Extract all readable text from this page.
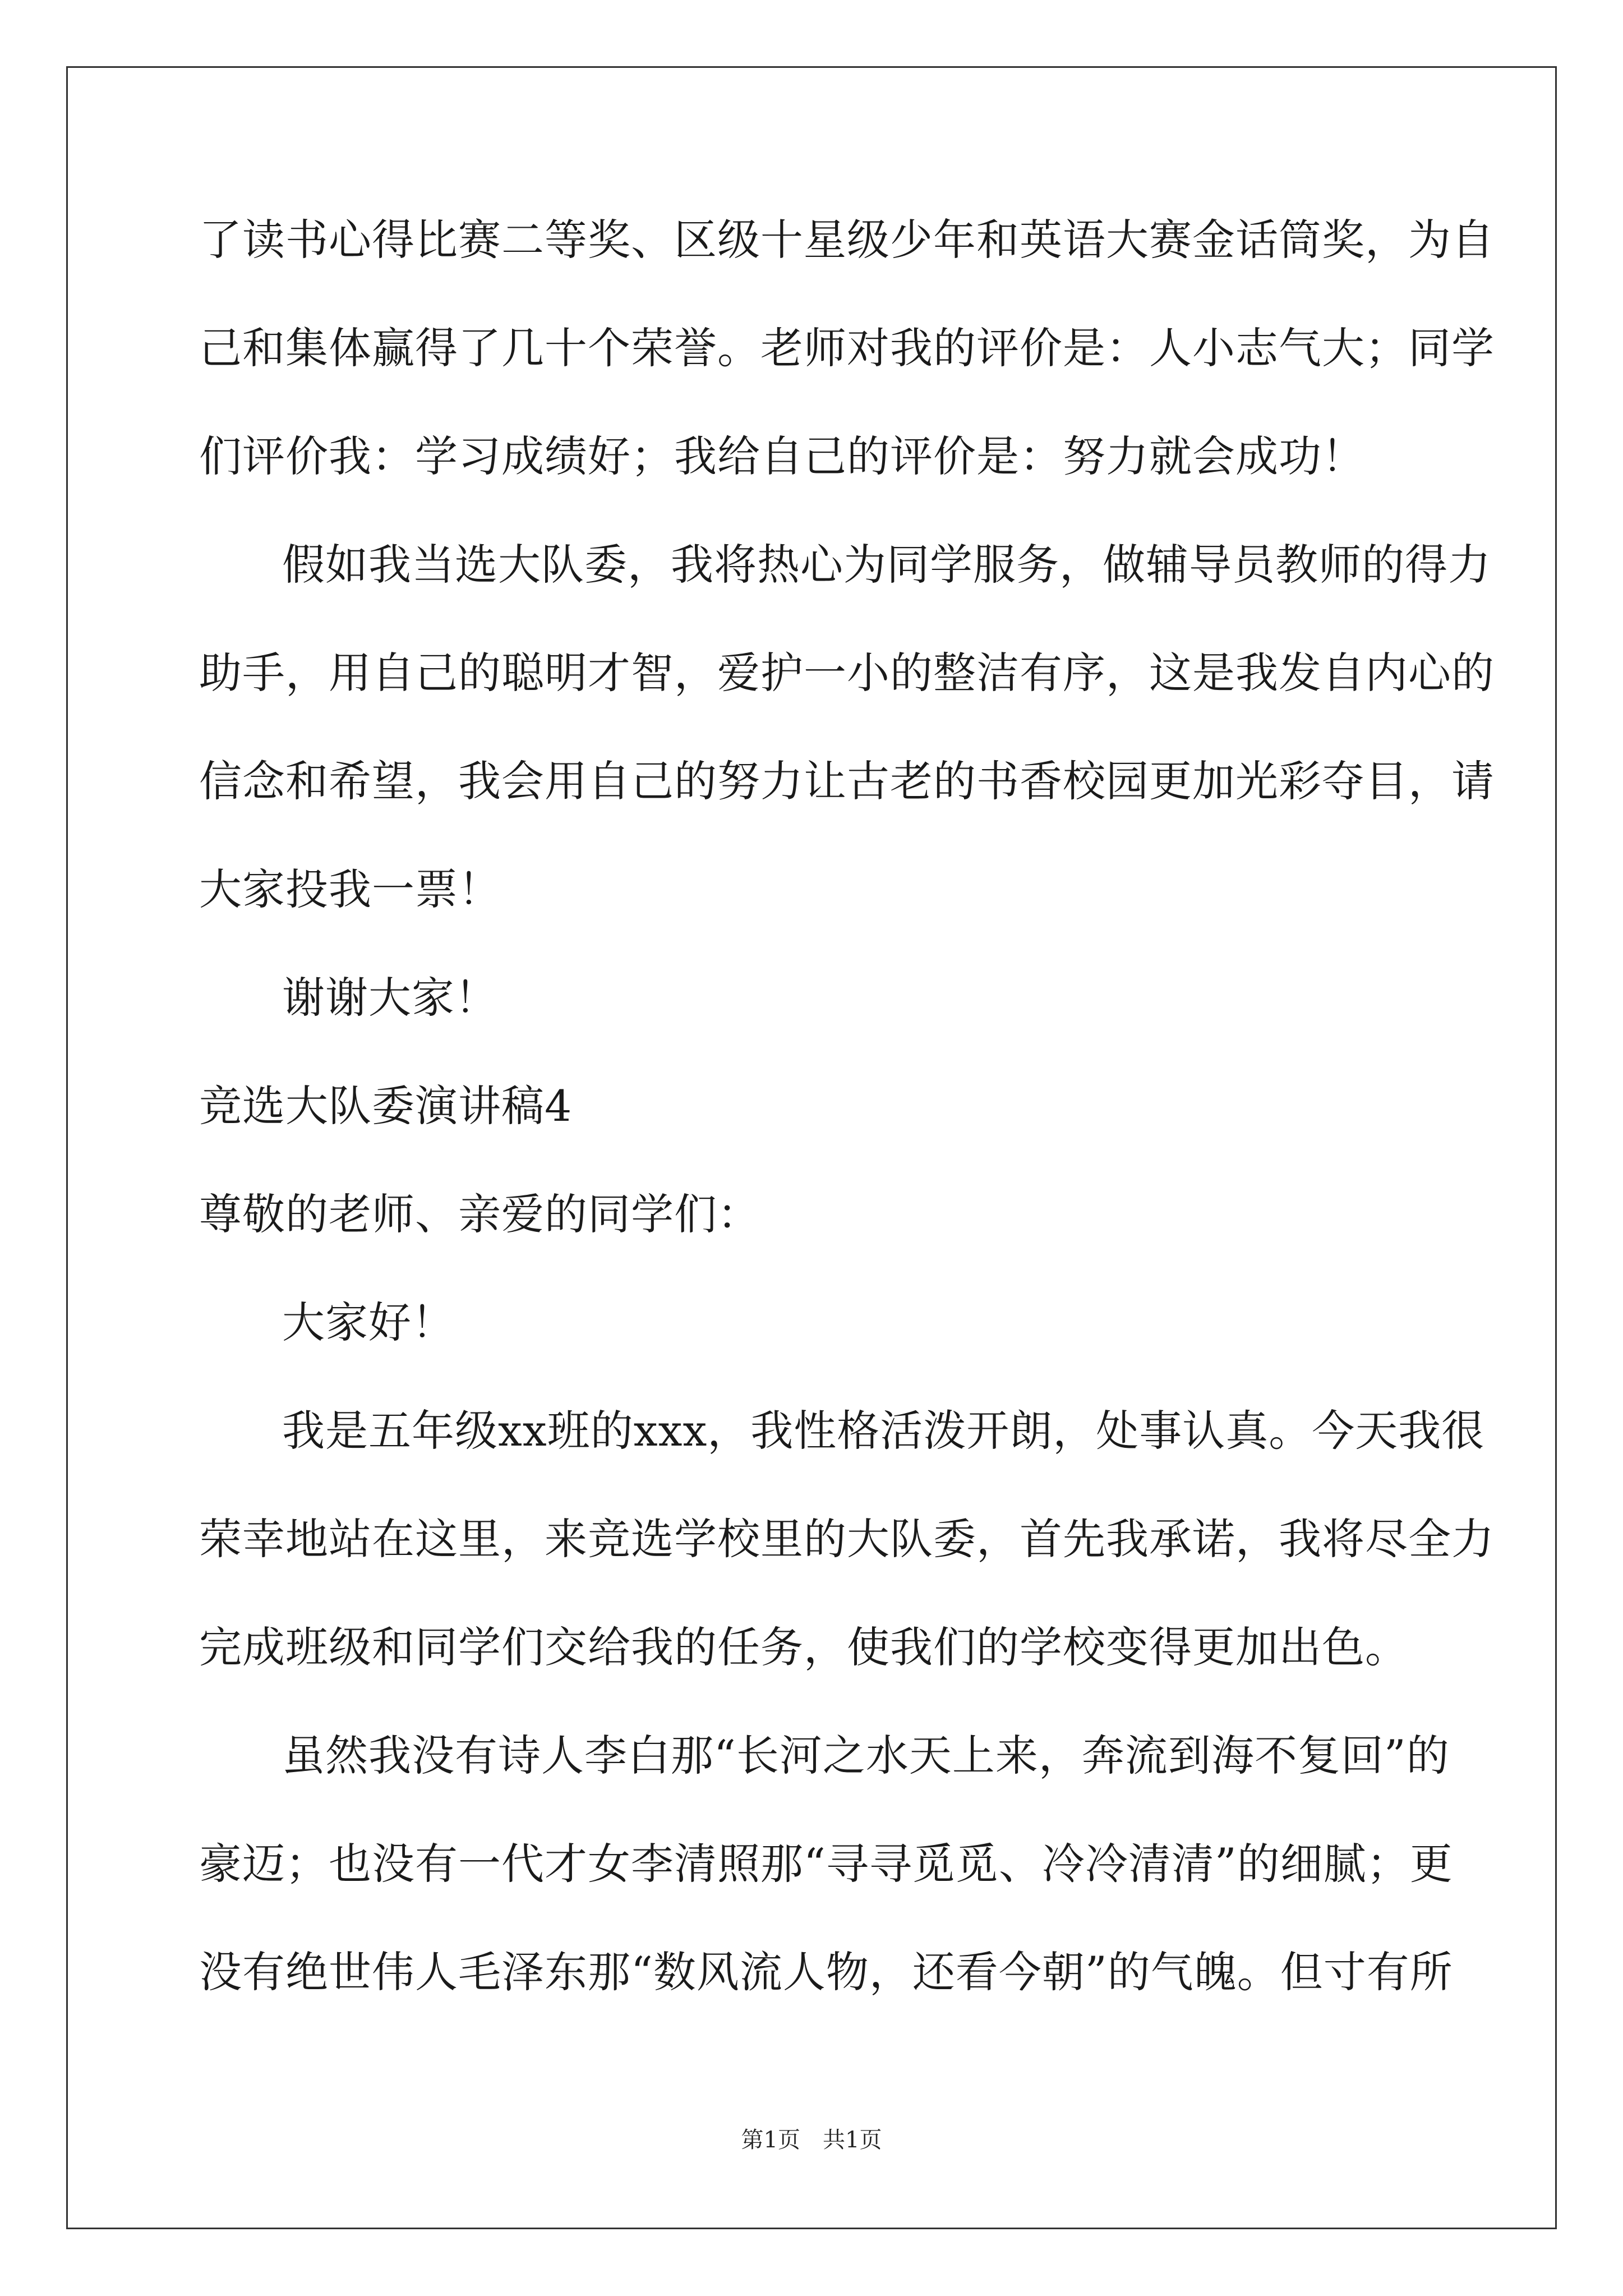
了读书心得比赛二等奖、区级十星级少年和英语大赛金话筒奖，为自
己和集体赢得了几十个荣誉。老师对我的评价是：人小志气大；同学
们评价我：学习成绩好；我给自己的评价是：努力就会成功！
假如我当选大队委，我将热心为同学服务，做辅导员教师的得力
助手，用自己的聪明才智，爱护一小的整洁有序，这是我发自内心的
信念和希望，我会用自己的努力让古老的书香校园更加光彩夺目，请
大家投我一票！
谢谢大家！
竞选大队委演讲稿4
尊敬的老师、亲爱的同学们：
大家好！
我是五年级xx班的xxx，我性格活泼开朗，处事认真。今天我很
荣幸地站在这里，来竞选学校里的大队委，首先我承诺，我将尽全力
完成班级和同学们交给我的任务，使我们的学校变得更加出色。
虽然我没有诗人李白那“长河之水天上来，奔流到海不复回”的
豪迈；也没有一代才女李清照那“寻寻觅觅、冷冷清清”的细腻；更
没有绝世伟人毛泽东那“数风流人物，还看今朝”的气魄。但寸有所
第1页　共1页
